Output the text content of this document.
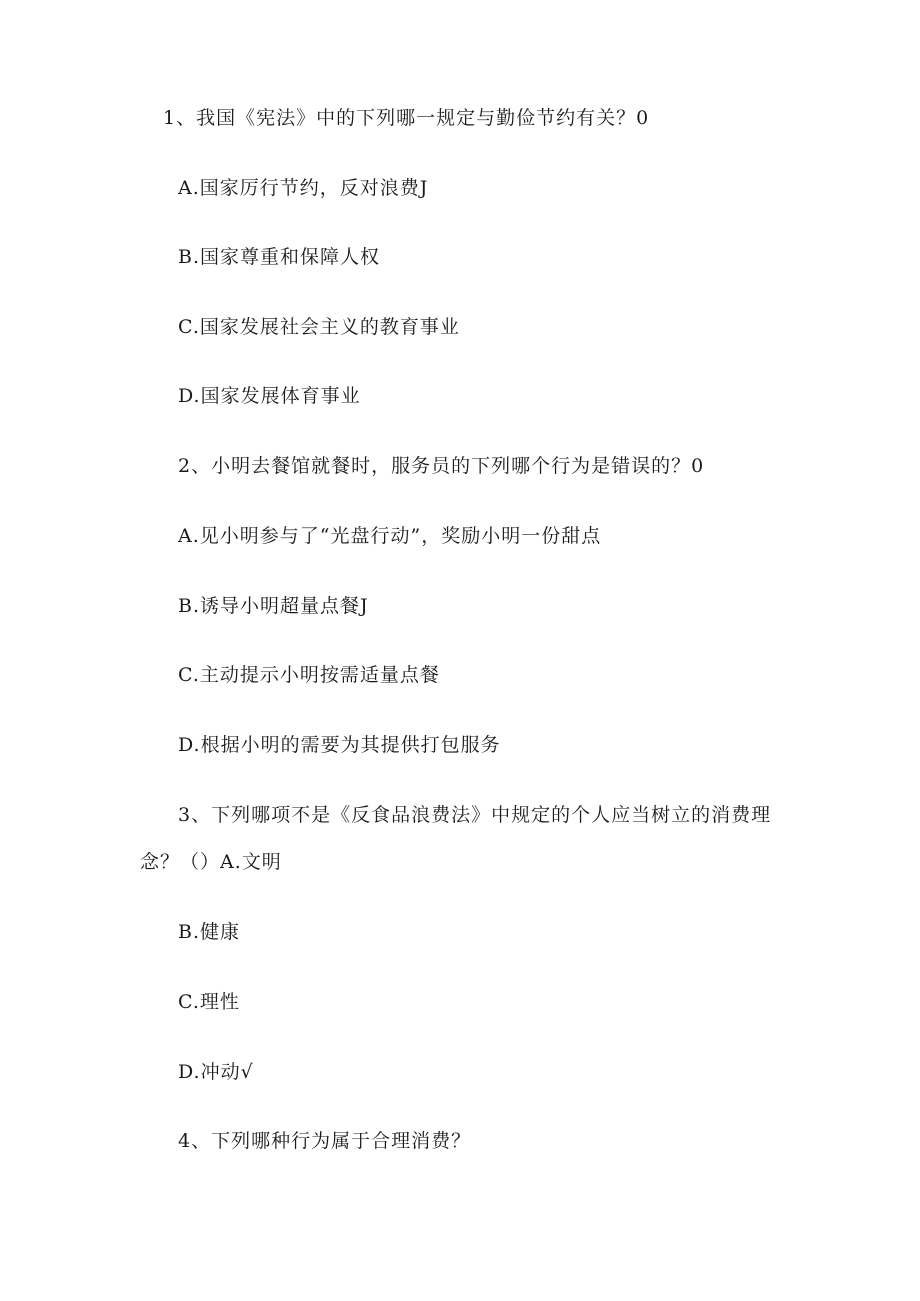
1、我国《宪法》中的下列哪一规定与勤俭节约有关？0
A.国家厉行节约，反对浪费J
B.国家尊重和保障人权
C.国家发展社会主义的教育事业
D.国家发展体育事业
2、小明去餐馆就餐时，服务员的下列哪个行为是错误的？0
A.见小明参与了“光盘行动”，奖励小明一份甜点
B.诱导小明超量点餐J
C.主动提示小明按需适量点餐
D.根据小明的需要为其提供打包服务
3、下列哪项不是《反食品浪费法》中规定的个人应当树立的消费理
念？（）A.文明
B.健康
C.理性
D.冲动√
4、下列哪种行为属于合理消费？
